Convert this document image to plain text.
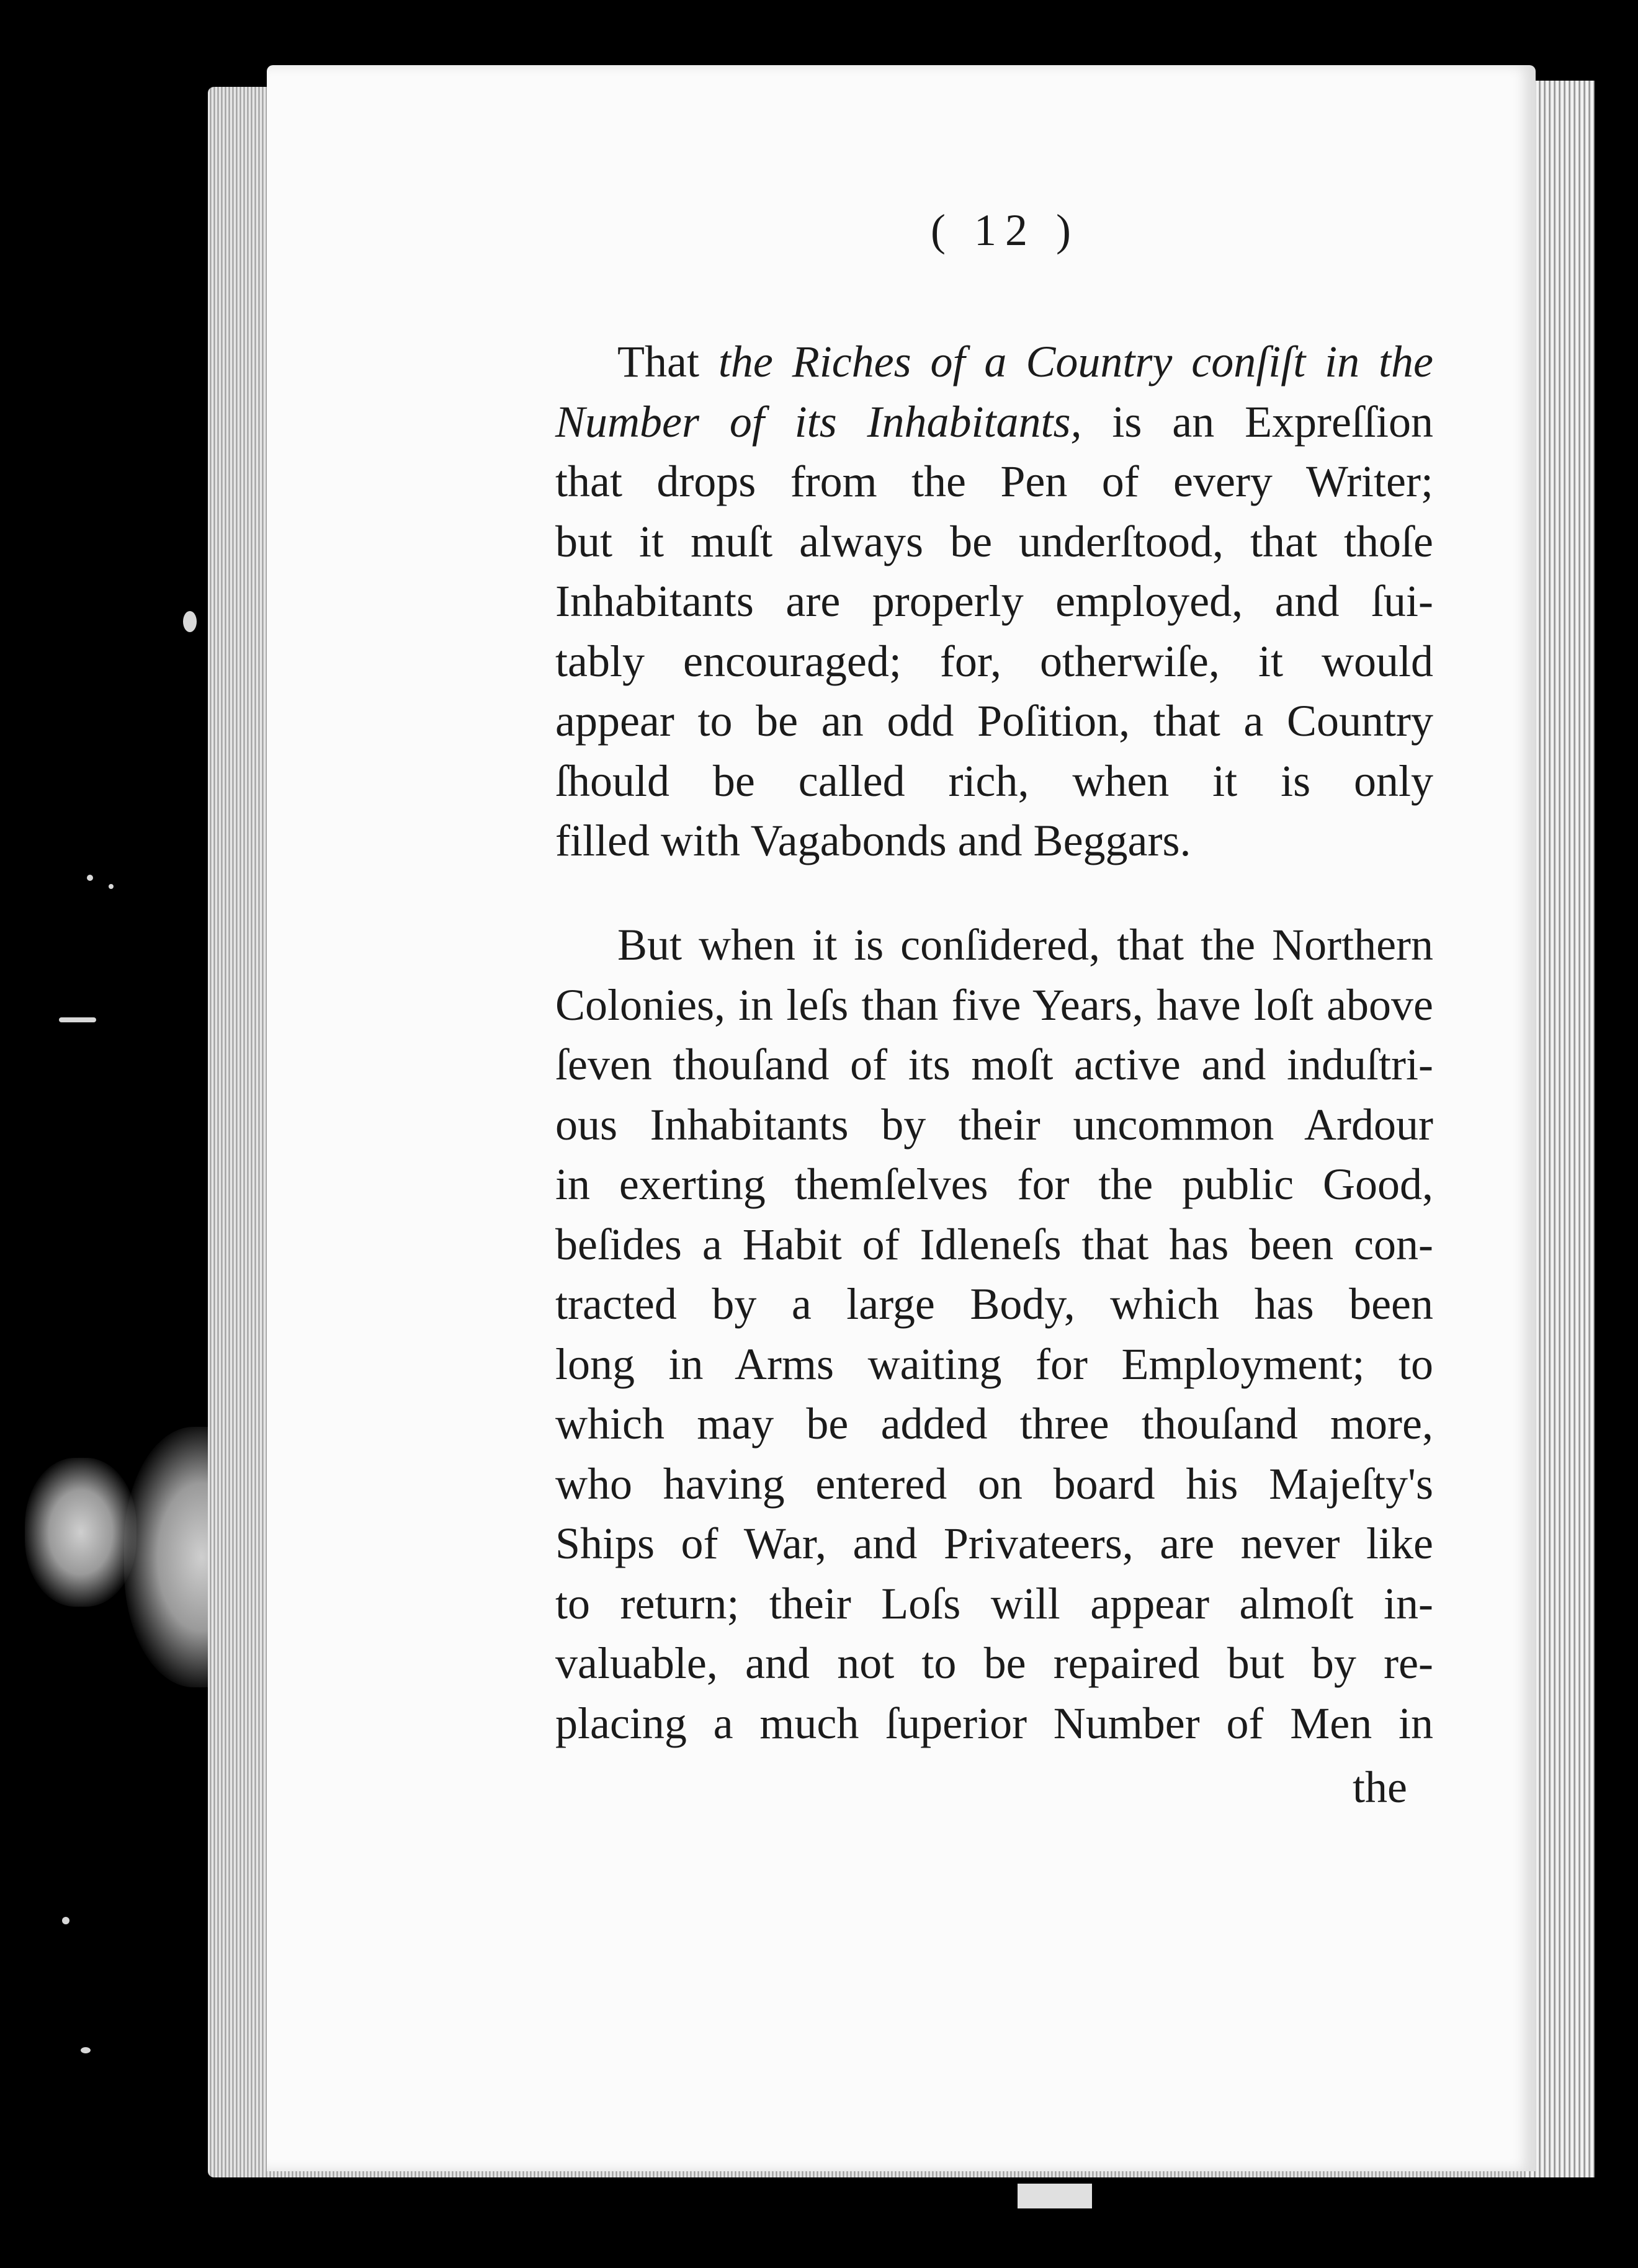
( 12 )
That the Riches of a Country conſiſt in the
Number of its Inhabitants, is an Expreſſion
that drops from the Pen of every Writer;
but it muſt always be underſtood, that thoſe
Inhabitants are properly employed, and ſui-
tably encouraged; for, otherwiſe, it would
appear to be an odd Poſition, that a Country
ſhould be called rich, when it is only
filled with Vagabonds and Beggars.
But when it is conſidered, that the Northern
Colonies, in leſs than five Years, have loſt above
ſeven thouſand of its moſt active and induſtri-
ous Inhabitants by their uncommon Ardour
in exerting themſelves for the public Good,
beſides a Habit of Idleneſs that has been con-
tracted by a large Body, which has been
long in Arms waiting for Employment; to
which may be added three thouſand more,
who having entered on board his Majeſty's
Ships of War, and Privateers, are never like
to return; their Loſs will appear almoſt in-
valuable, and not to be repaired but by re-
placing a much ſuperior Number of Men in
the
